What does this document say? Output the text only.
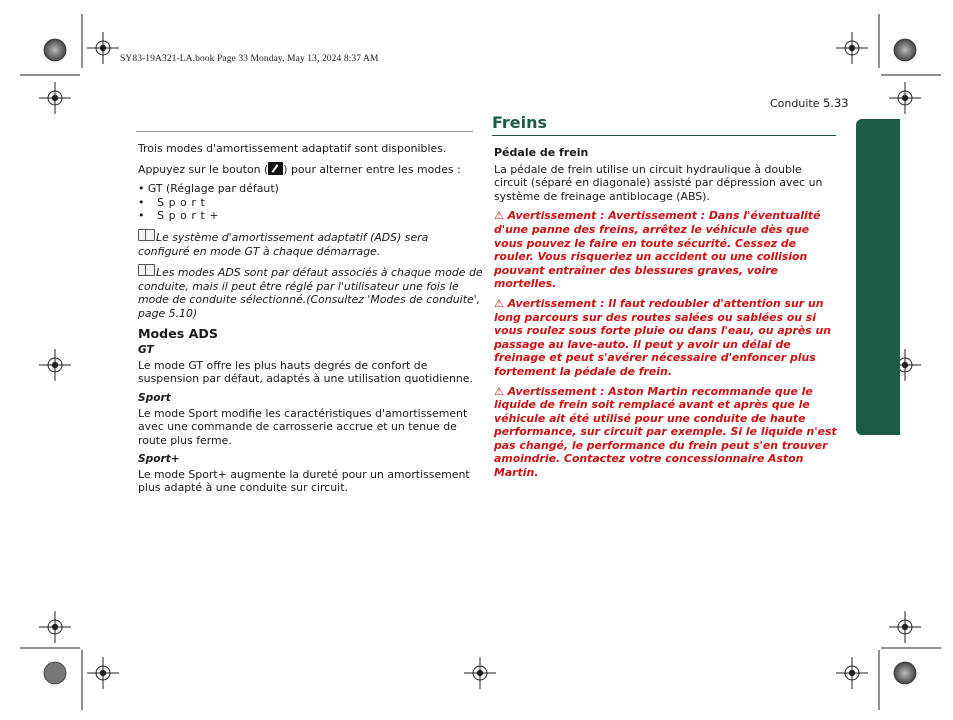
SY83-19A321-LA.book Page 33 Monday, May 13, 2024 8:37 AM
Conduite 5.33
Freins

Trois modes d'amortissement adaptatif sont disponibles.

Appuyez sur le bouton ( ) pour alterner entre les modes :

• GT (Réglage par défaut)
• Sport
• Sport+

Le système d'amortissement adaptatif (ADS) sera configuré en mode GT à chaque démarrage.

Les modes ADS sont par défaut associés à chaque mode de conduite, mais il peut être réglé par l'utilisateur une fois le mode de conduite sélectionné.(Consultez 'Modes de conduite', page 5.10)

Modes ADS
GT

Le mode GT offre les plus hauts degrés de confort de suspension par défaut, adaptés à une utilisation quotidienne.

Sport

Le mode Sport modifie les caractéristiques d'amortissement avec une commande de carrosserie accrue et un tenue de route plus ferme.

Sport+

Le mode Sport+ augmente la dureté pour un amortissement plus adapté à une conduite sur circuit.

Pédale de frein

La pédale de frein utilise un circuit hydraulique à double circuit (séparé en diagonale) assisté par dépression avec un système de freinage antiblocage (ABS).

⚠ Avertissement : Avertissement : Dans l'éventualité d'une panne des freins, arrêtez le véhicule dès que vous pouvez le faire en toute sécurité. Cessez de rouler. Vous risqueriez un accident ou une collision pouvant entraîner des blessures graves, voire mortelles.

⚠ Avertissement : Il faut redoubler d'attention sur un long parcours sur des routes salées ou sablées ou si vous roulez sous forte pluie ou dans l'eau, ou après un passage au lave-auto. Il peut y avoir un délai de freinage et peut s'avérer nécessaire d'enfoncer plus fortement la pédale de frein.

⚠ Avertissement : Aston Martin recommande que le liquide de frein soit remplacé avant et après que le véhicule ait été utilisé pour une conduite de haute performance, sur circuit par exemple. Si le liquide n'est pas changé, le performance du frein peut s'en trouver amoindrie. Contactez votre concessionnaire Aston Martin.
